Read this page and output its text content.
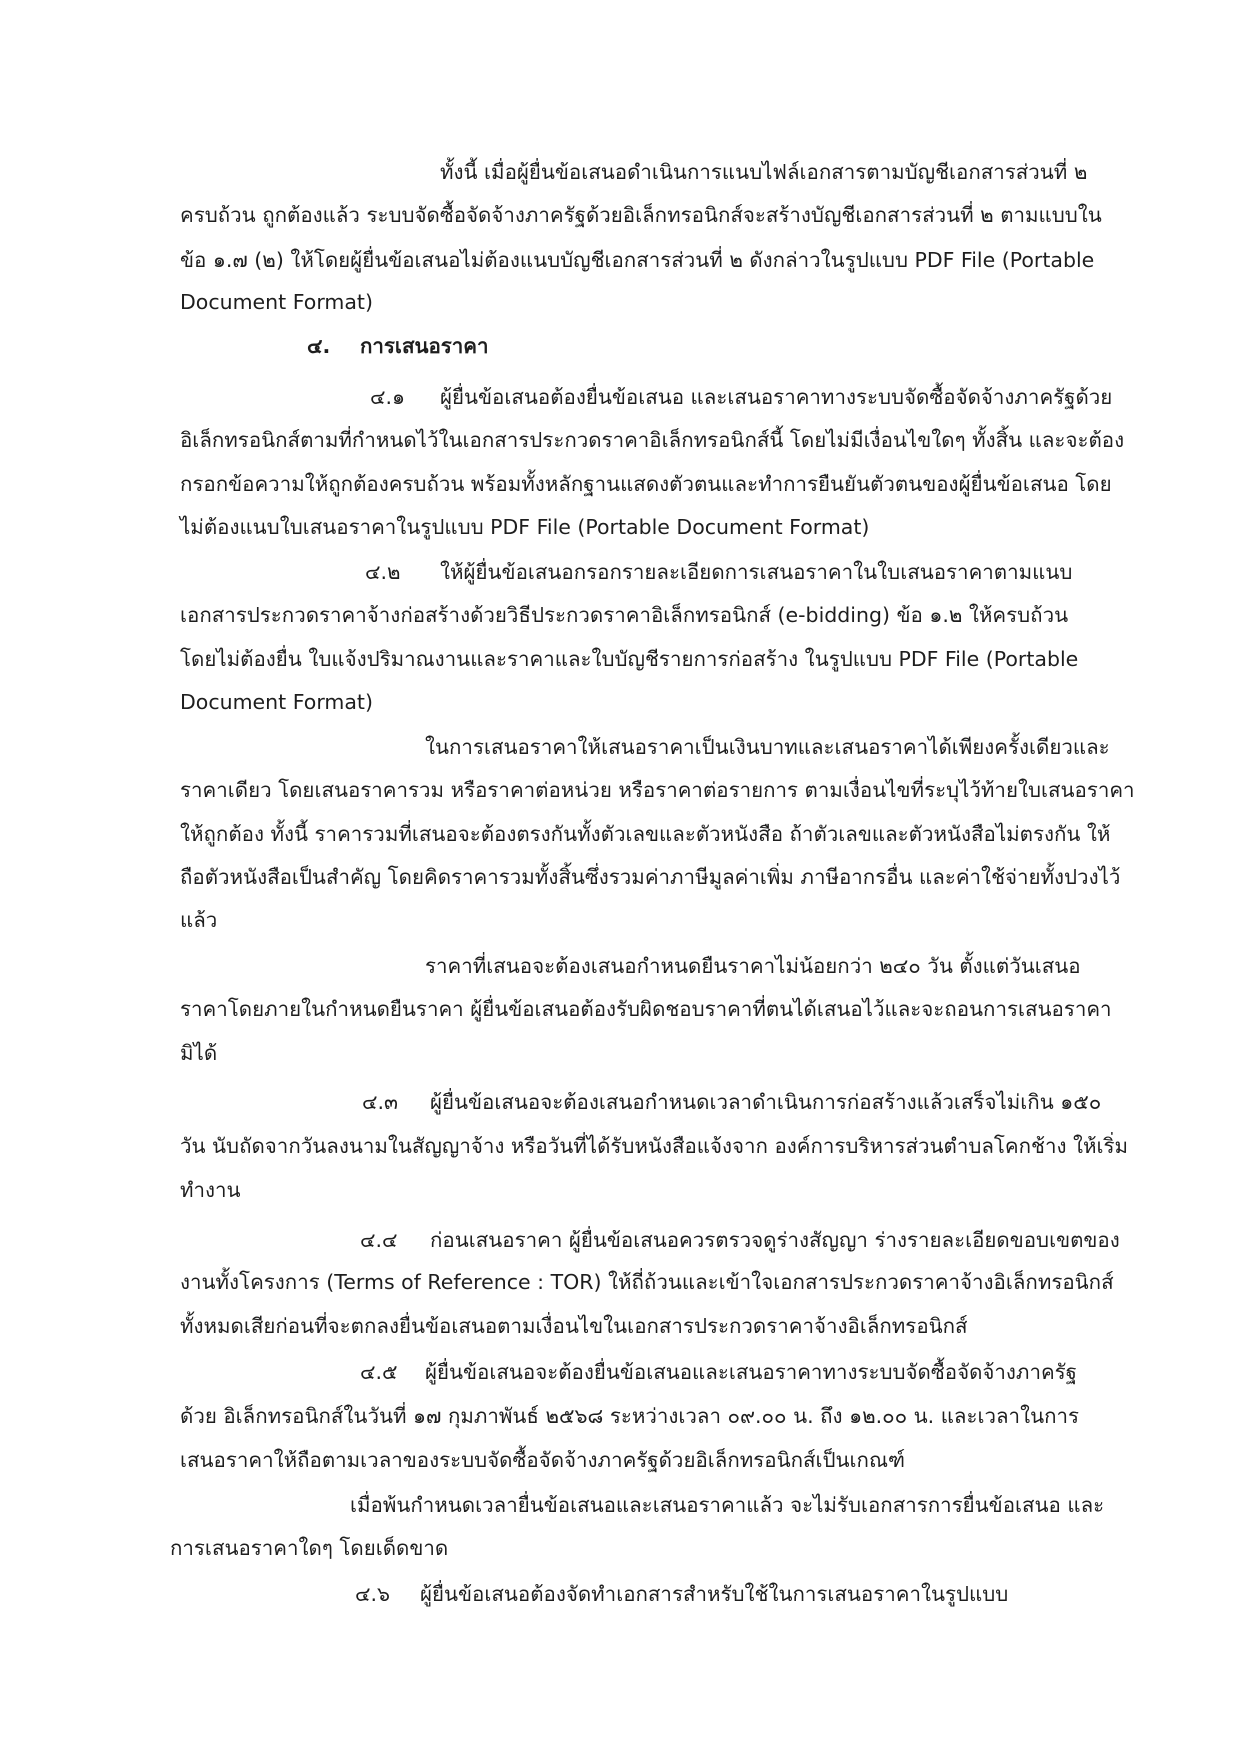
ทั้งนี้ เมื่อผู้ยื่นข้อเสนอดำเนินการแนบไฟล์เอกสารตามบัญชีเอกสารส่วนที่ ๒

ครบถ้วน ถูกต้องแล้ว ระบบจัดซื้อจัดจ้างภาครัฐด้วยอิเล็กทรอนิกส์จะสร้างบัญชีเอกสารส่วนที่ ๒ ตามแบบใน

ข้อ ๑.๗ (๒) ให้โดยผู้ยื่นข้อเสนอไม่ต้องแนบบัญชีเอกสารส่วนที่ ๒ ดังกล่าวในรูปแบบ PDF File (Portable

Document Format)

๔. การเสนอราคา

๔.๑ ผู้ยื่นข้อเสนอต้องยื่นข้อเสนอ และเสนอราคาทางระบบจัดซื้อจัดจ้างภาครัฐด้วย

อิเล็กทรอนิกส์ตามที่กำหนดไว้ในเอกสารประกวดราคาอิเล็กทรอนิกส์นี้ โดยไม่มีเงื่อนไขใดๆ ทั้งสิ้น และจะต้อง

กรอกข้อความให้ถูกต้องครบถ้วน พร้อมทั้งหลักฐานแสดงตัวตนและทำการยืนยันตัวตนของผู้ยื่นข้อเสนอ โดย

ไม่ต้องแนบใบเสนอราคาในรูปแบบ PDF File (Portable Document Format)

๔.๒ ให้ผู้ยื่นข้อเสนอกรอกรายละเอียดการเสนอราคาในใบเสนอราคาตามแนบ

เอกสารประกวดราคาจ้างก่อสร้างด้วยวิธีประกวดราคาอิเล็กทรอนิกส์ (e-bidding) ข้อ ๑.๒ ให้ครบถ้วน

โดยไม่ต้องยื่น ใบแจ้งปริมาณงานและราคาและใบบัญชีรายการก่อสร้าง ในรูปแบบ PDF File (Portable

Document Format)

ในการเสนอราคาให้เสนอราคาเป็นเงินบาทและเสนอราคาได้เพียงครั้งเดียวและ

ราคาเดียว โดยเสนอราคารวม หรือราคาต่อหน่วย หรือราคาต่อรายการ ตามเงื่อนไขที่ระบุไว้ท้ายใบเสนอราคา

ให้ถูกต้อง ทั้งนี้ ราคารวมที่เสนอจะต้องตรงกันทั้งตัวเลขและตัวหนังสือ ถ้าตัวเลขและตัวหนังสือไม่ตรงกัน ให้

ถือตัวหนังสือเป็นสำคัญ โดยคิดราคารวมทั้งสิ้นซึ่งรวมค่าภาษีมูลค่าเพิ่ม ภาษีอากรอื่น และค่าใช้จ่ายทั้งปวงไว้

แล้ว

ราคาที่เสนอจะต้องเสนอกำหนดยืนราคาไม่น้อยกว่า ๒๔๐ วัน ตั้งแต่วันเสนอ

ราคาโดยภายในกำหนดยืนราคา ผู้ยื่นข้อเสนอต้องรับผิดชอบราคาที่ตนได้เสนอไว้และจะถอนการเสนอราคา

มิได้

๔.๓ ผู้ยื่นข้อเสนอจะต้องเสนอกำหนดเวลาดำเนินการก่อสร้างแล้วเสร็จไม่เกิน ๑๕๐

วัน นับถัดจากวันลงนามในสัญญาจ้าง หรือวันที่ได้รับหนังสือแจ้งจาก องค์การบริหารส่วนตำบลโคกช้าง ให้เริ่ม

ทำงาน

๔.๔ ก่อนเสนอราคา ผู้ยื่นข้อเสนอควรตรวจดูร่างสัญญา ร่างรายละเอียดขอบเขตของ

งานทั้งโครงการ (Terms of Reference : TOR) ให้ถี่ถ้วนและเข้าใจเอกสารประกวดราคาจ้างอิเล็กทรอนิกส์

ทั้งหมดเสียก่อนที่จะตกลงยื่นข้อเสนอตามเงื่อนไขในเอกสารประกวดราคาจ้างอิเล็กทรอนิกส์

๔.๕ ผู้ยื่นข้อเสนอจะต้องยื่นข้อเสนอและเสนอราคาทางระบบจัดซื้อจัดจ้างภาครัฐ

ด้วย อิเล็กทรอนิกส์ในวันที่ ๑๗ กุมภาพันธ์ ๒๕๖๘ ระหว่างเวลา ๐๙.๐๐ น. ถึง ๑๒.๐๐ น. และเวลาในการ

เสนอราคาให้ถือตามเวลาของระบบจัดซื้อจัดจ้างภาครัฐด้วยอิเล็กทรอนิกส์เป็นเกณฑ์

เมื่อพ้นกำหนดเวลายื่นข้อเสนอและเสนอราคาแล้ว จะไม่รับเอกสารการยื่นข้อเสนอ และ

การเสนอราคาใดๆ โดยเด็ดขาด

๔.๖ ผู้ยื่นข้อเสนอต้องจัดทำเอกสารสำหรับใช้ในการเสนอราคาในรูปแบบ
